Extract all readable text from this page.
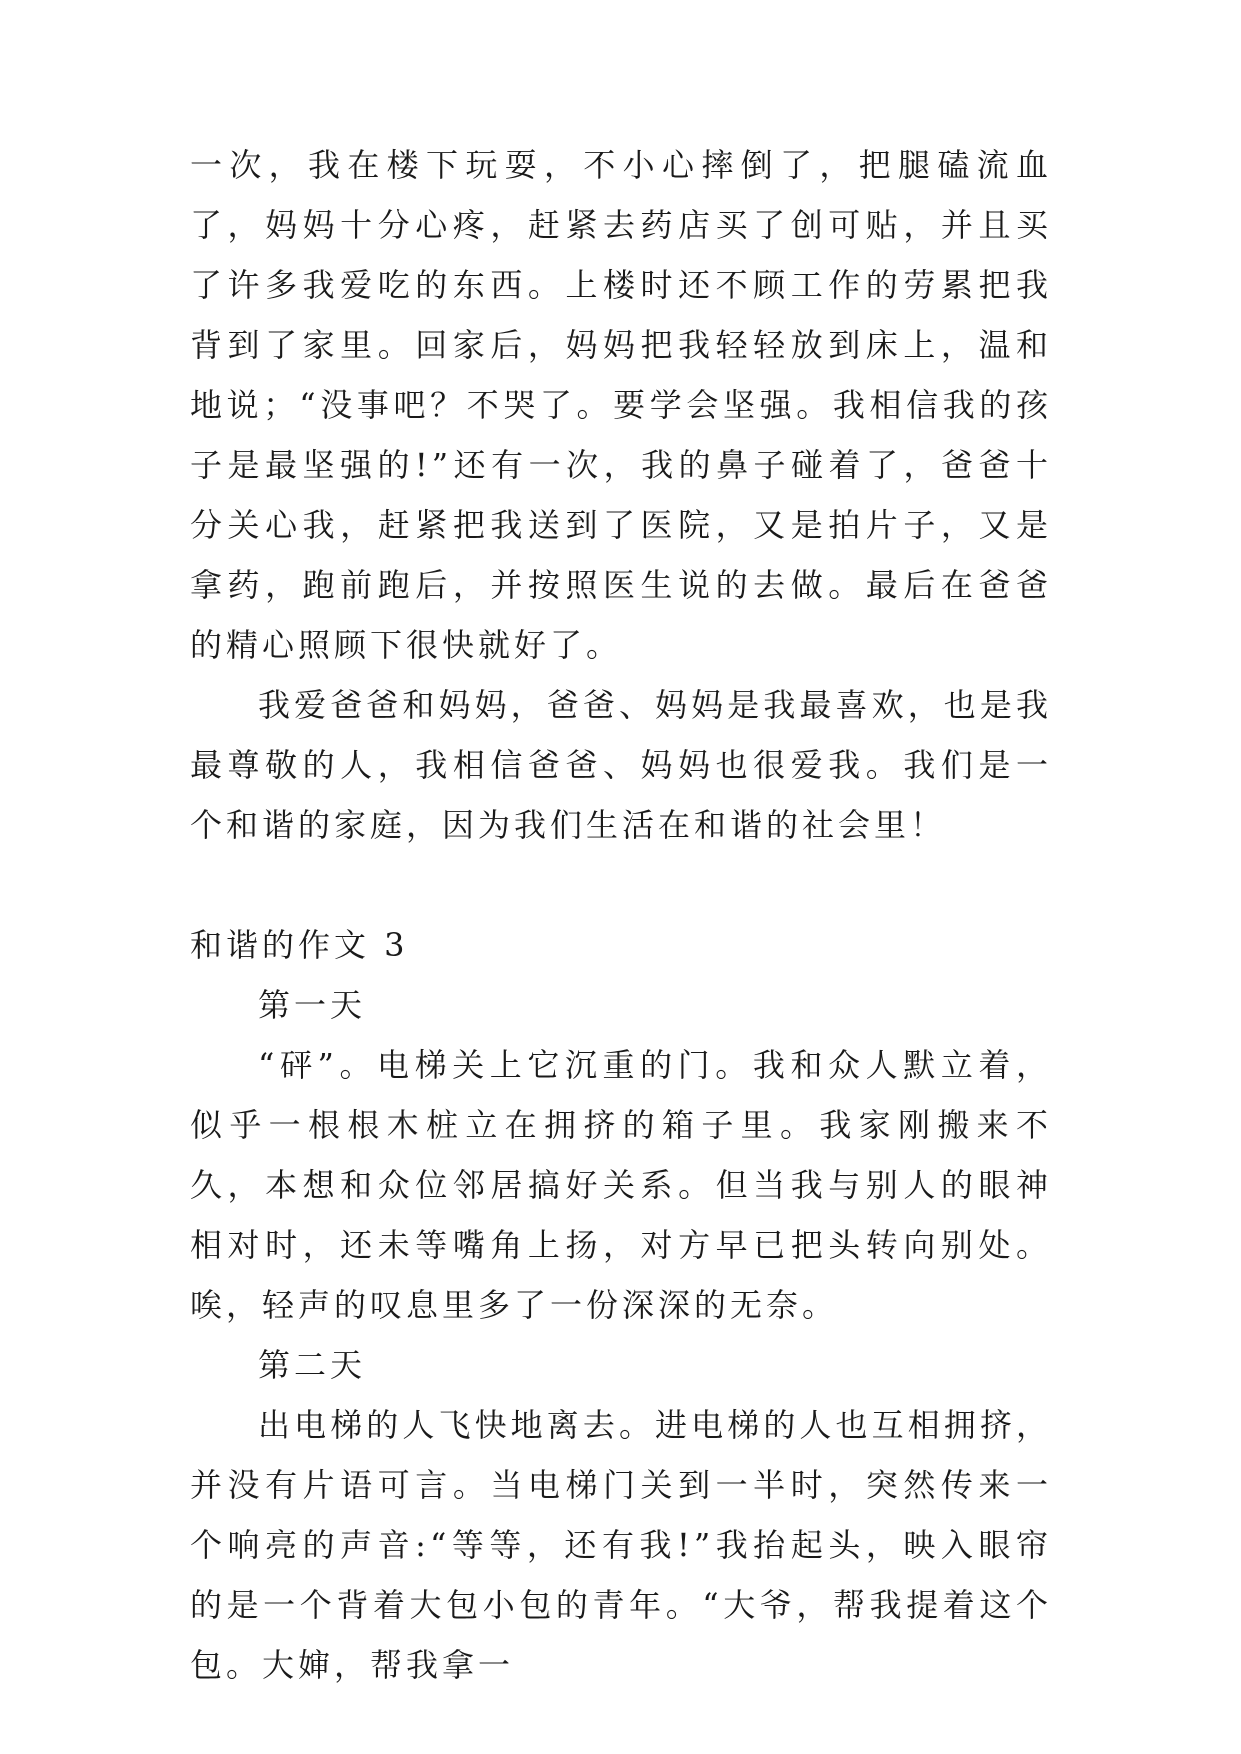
一次，我在楼下玩耍，不小心摔倒了，把腿磕流血了，妈妈十分心疼，赶紧去药店买了创可贴，并且买了许多我爱吃的东西。上楼时还不顾工作的劳累把我背到了家里。回家后，妈妈把我轻轻放到床上，温和地说；“没事吧？不哭了。要学会坚强。我相信我的孩子是最坚强的!”还有一次，我的鼻子碰着了，爸爸十分关心我，赶紧把我送到了医院，又是拍片子，又是拿药，跑前跑后，并按照医生说的去做。最后在爸爸的精心照顾下很快就好了。

我爱爸爸和妈妈，爸爸、妈妈是我最喜欢，也是我最尊敬的人，我相信爸爸、妈妈也很爱我。我们是一个和谐的家庭，因为我们生活在和谐的社会里！

和谐的作文 3

第一天

“砰”。电梯关上它沉重的门。我和众人默立着，似乎一根根木桩立在拥挤的箱子里。我家刚搬来不久，本想和众位邻居搞好关系。但当我与别人的眼神相对时，还未等嘴角上扬，对方早已把头转向别处。唉，轻声的叹息里多了一份深深的无奈。

第二天

出电梯的人飞快地离去。进电梯的人也互相拥挤，并没有片语可言。当电梯门关到一半时，突然传来一个响亮的声音:“等等，还有我!”我抬起头，映入眼帘的是一个背着大包小包的青年。“大爷，帮我提着这个包。大婶，帮我拿一
